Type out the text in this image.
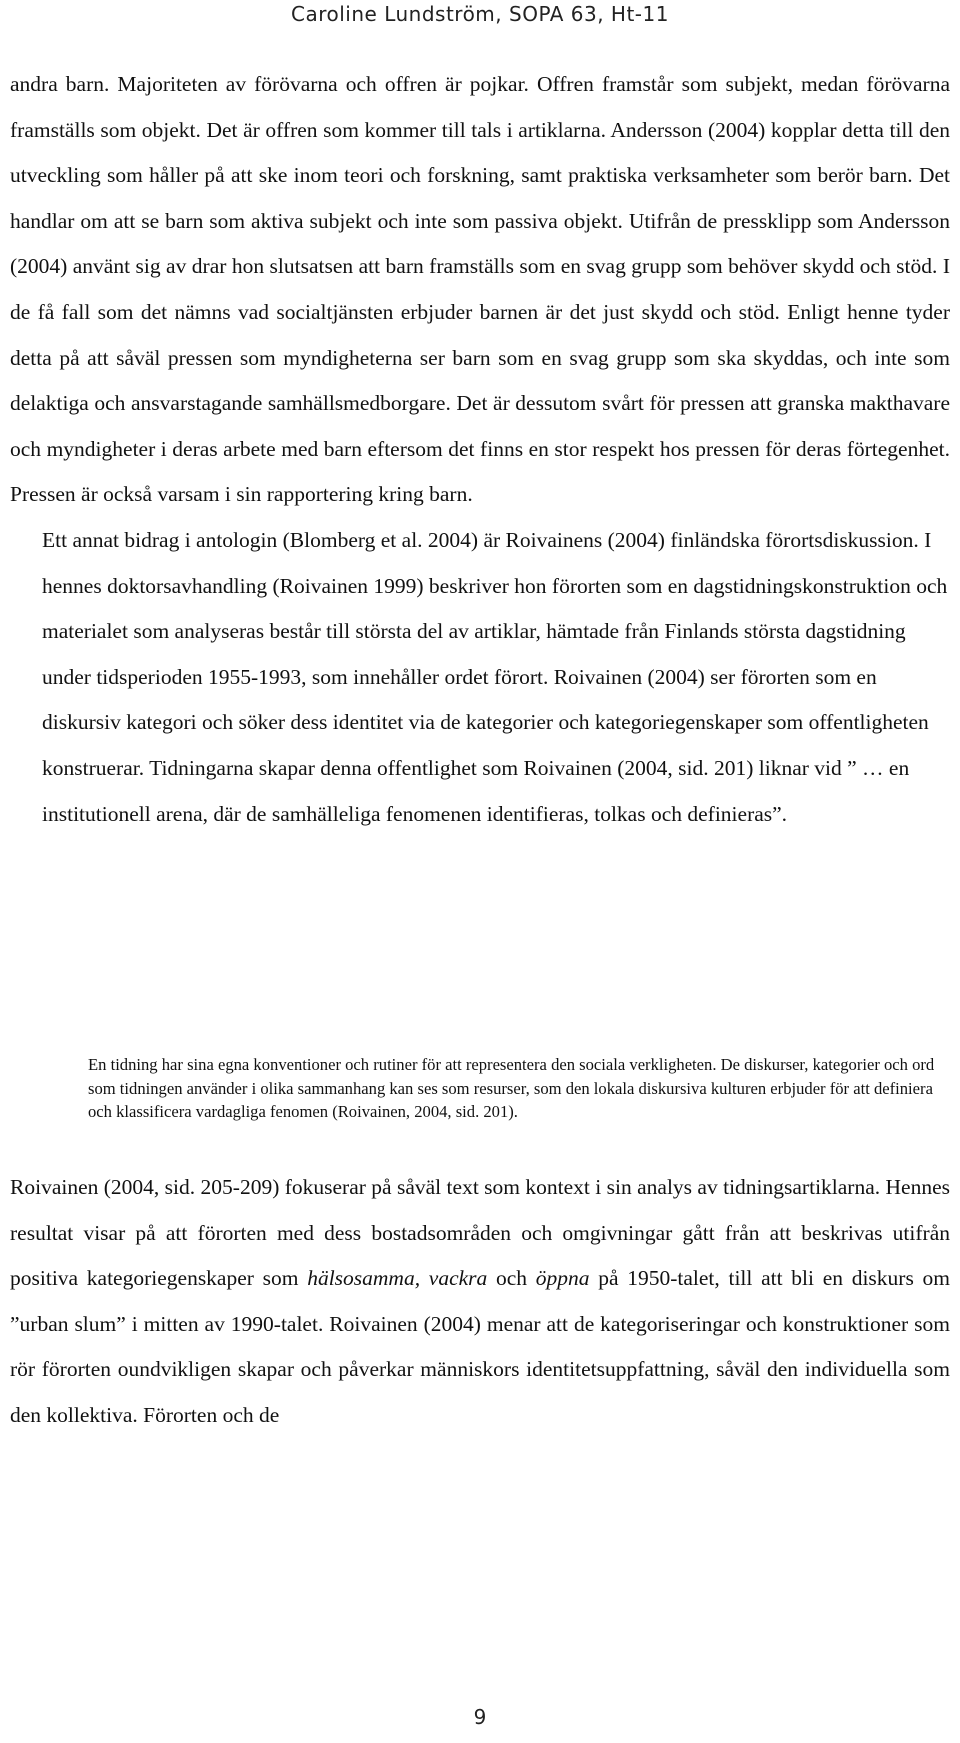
Caroline Lundström, SOPA 63, Ht-11

andra barn. Majoriteten av förövarna och offren är pojkar. Offren framstår som subjekt, medan förövarna framställs som objekt. Det är offren som kommer till tals i artiklarna. Andersson (2004) kopplar detta till den utveckling som håller på att ske inom teori och forskning, samt praktiska verksamheter som berör barn. Det handlar om att se barn som aktiva subjekt och inte som passiva objekt. Utifrån de pressklipp som Andersson (2004) använt sig av drar hon slutsatsen att barn framställs som en svag grupp som behöver skydd och stöd. I de få fall som det nämns vad socialtjänsten erbjuder barnen är det just skydd och stöd. Enligt henne tyder detta på att såväl pressen som myndigheterna ser barn som en svag grupp som ska skyddas, och inte som delaktiga och ansvarstagande samhällsmedborgare. Det är dessutom svårt för pressen att granska makthavare och myndigheter i deras arbete med barn eftersom det finns en stor respekt hos pressen för deras förtegenhet. Pressen är också varsam i sin rapportering kring barn.

Ett annat bidrag i antologin (Blomberg et al. 2004) är Roivainens (2004) finländska förortsdiskussion. I hennes doktorsavhandling (Roivainen 1999) beskriver hon förorten som en dagstidningskonstruktion och materialet som analyseras består till största del av artiklar, hämtade från Finlands största dagstidning under tidsperioden 1955-1993, som innehåller ordet förort. Roivainen (2004) ser förorten som en diskursiv kategori och söker dess identitet via de kategorier och kategoriegenskaper som offentligheten konstruerar. Tidningarna skapar denna offentlighet som Roivainen (2004, sid. 201) liknar vid ” … en institutionell arena, där de samhälleliga fenomenen identifieras, tolkas och definieras”.

En tidning har sina egna konventioner och rutiner för att representera den sociala verkligheten. De diskurser, kategorier och ord som tidningen använder i olika sammanhang kan ses som resurser, som den lokala diskursiva kulturen erbjuder för att definiera och klassificera vardagliga fenomen (Roivainen, 2004, sid. 201).

Roivainen (2004, sid. 205-209) fokuserar på såväl text som kontext i sin analys av tidningsartiklarna. Hennes resultat visar på att förorten med dess bostadsområden och omgivningar gått från att beskrivas utifrån positiva kategoriegenskaper som hälsosamma, vackra och öppna på 1950-talet, till att bli en diskurs om ”urban slum” i mitten av 1990-talet. Roivainen (2004) menar att de kategoriseringar och konstruktioner som rör förorten oundvikligen skapar och påverkar människors identitetsuppfattning, såväl den individuella som den kollektiva. Förorten och de

9
